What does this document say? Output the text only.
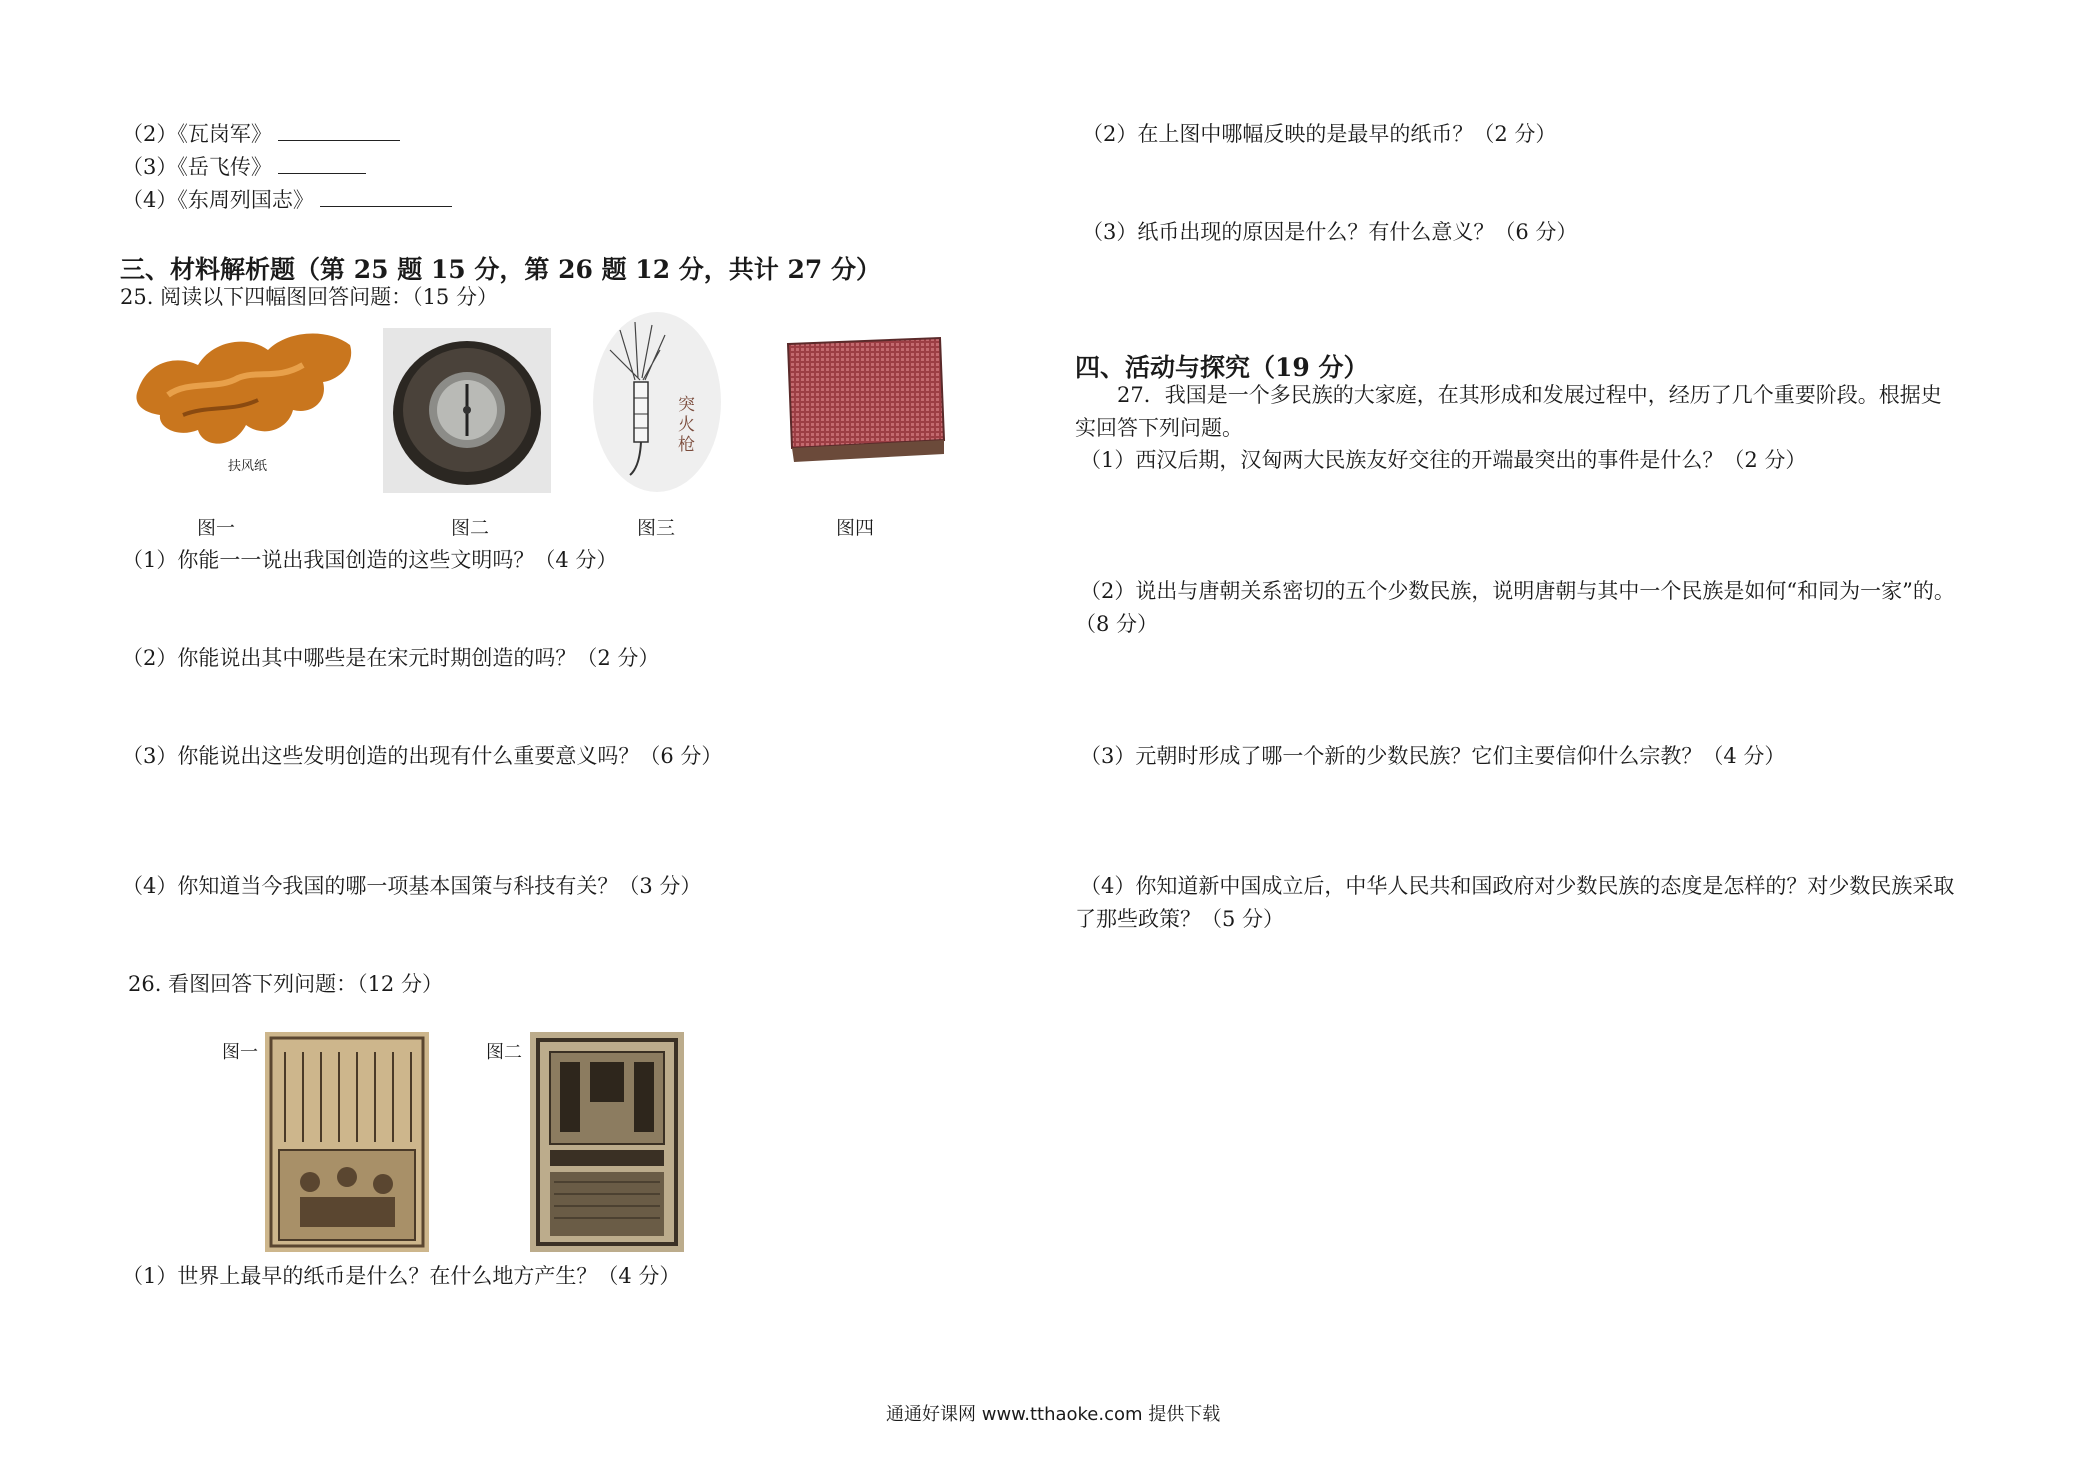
（2）《瓦岗军》
（3）《岳飞传》
（4）《东周列国志》
三、材料解析题（第 25 题 15 分，第 26 题 12 分，共计 27 分）
25. 阅读以下四幅图回答问题：（15 分）
扶风纸
突
火
枪
图一	图二	图三	图四
（1）你能一一说出我国创造的这些文明吗？（4 分）
（2）你能说出其中哪些是在宋元时期创造的吗？（2 分）
（3）你能说出这些发明创造的出现有什么重要意义吗？（6 分）
（4）你知道当今我国的哪一项基本国策与科技有关？（3 分）
26. 看图回答下列问题：（12 分）
图一	图二
（1）世界上最早的纸币是什么？在什么地方产生？（4 分）
（2）在上图中哪幅反映的是最早的纸币？（2 分）
（3）纸币出现的原因是什么？有什么意义？（6 分）
四、活动与探究（19 分）
27．我国是一个多民族的大家庭，在其形成和发展过程中，经历了几个重要阶段。根据史
实回答下列问题。
（1）西汉后期，汉匈两大民族友好交往的开端最突出的事件是什么？（2 分）
（2）说出与唐朝关系密切的五个少数民族，说明唐朝与其中一个民族是如何“和同为一家”的。
（8 分）
（3）元朝时形成了哪一个新的少数民族？它们主要信仰什么宗教？（4 分）
（4）你知道新中国成立后，中华人民共和国政府对少数民族的态度是怎样的？对少数民族采取
了那些政策？（5 分）
通通好课网 www.tthaoke.com 提供下载
